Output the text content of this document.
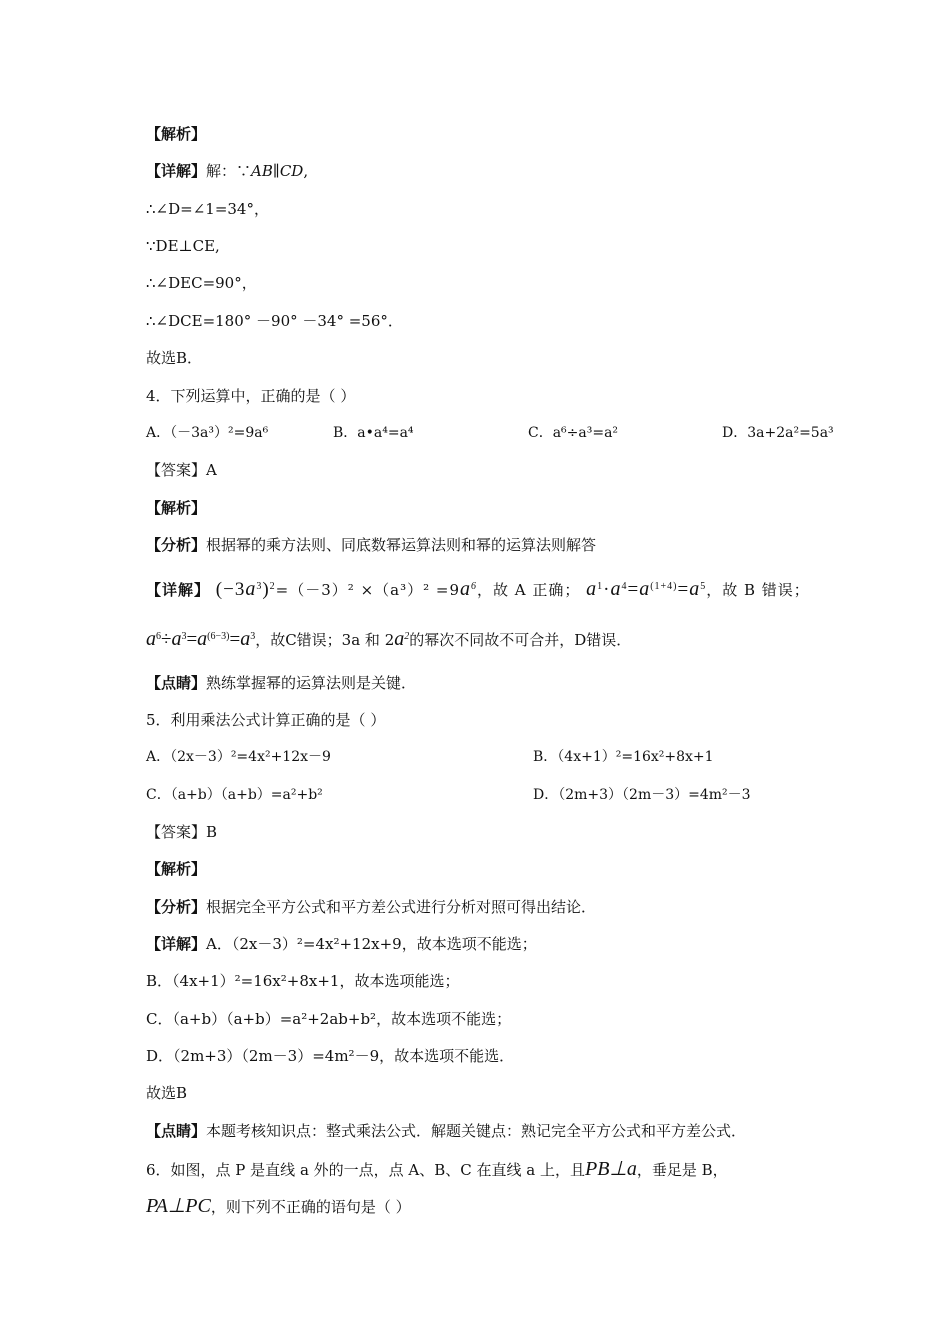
【解析】
【详解】解：∵AB∥CD,
∴∠D=∠1=34°，
∵DE⊥CE,
∴∠DEC=90°，
∴∠DCE=180° －90° －34° =56°．
故选B．
4．下列运算中，正确的是（ ）
A．（－3a³）²=9a⁶	B．a•a⁴=a⁴	C．a⁶÷a³=a²	D．3a+2a²=5a³
【答案】A
【解析】
【分析】根据幂的乘方法则、同底数幂运算法则和幂的运算法则解答
【详解】 $(-3a^3)^2=(-3)^2 \times(a^3)^2 =9a^6$，故 A 正确； $a^1\cdot a^4=a^{(1+4)}=a^5$，故 B 错误；
$a^6\div a^3=a^{(6-3)}=a^3$，故C错误；3a 和 $2a^2$的幂次不同故不可合并，D错误．
【点睛】熟练掌握幂的运算法则是关键．
5．利用乘法公式计算正确的是（ ）
A．（2x－3）²=4x²+12x－9	B．（4x+1）²=16x²+8x+1
C．（a+b）（a+b）=a²+b²	D．（2m+3）（2m－3）=4m²－3
【答案】B
【解析】
【分析】根据完全平方公式和平方差公式进行分析对照可得出结论．
【详解】A．（2x－3）²=4x²+12x+9，故本选项不能选；
B．（4x+1）²=16x²+8x+1，故本选项能选；
C．（a+b）（a+b）=a²+2ab+b²，故本选项不能选；
D．（2m+3）（2m－3）=4m²－9，故本选项不能选．
故选B
【点睛】本题考核知识点：整式乘法公式．解题关键点：熟记完全平方公式和平方差公式．
6．如图，点 P 是直线 a 外的一点，点 A、B、C 在直线 a 上，且PB⊥a，垂足是 B，
PA⊥PC，则下列不正确的语句是（ ）
